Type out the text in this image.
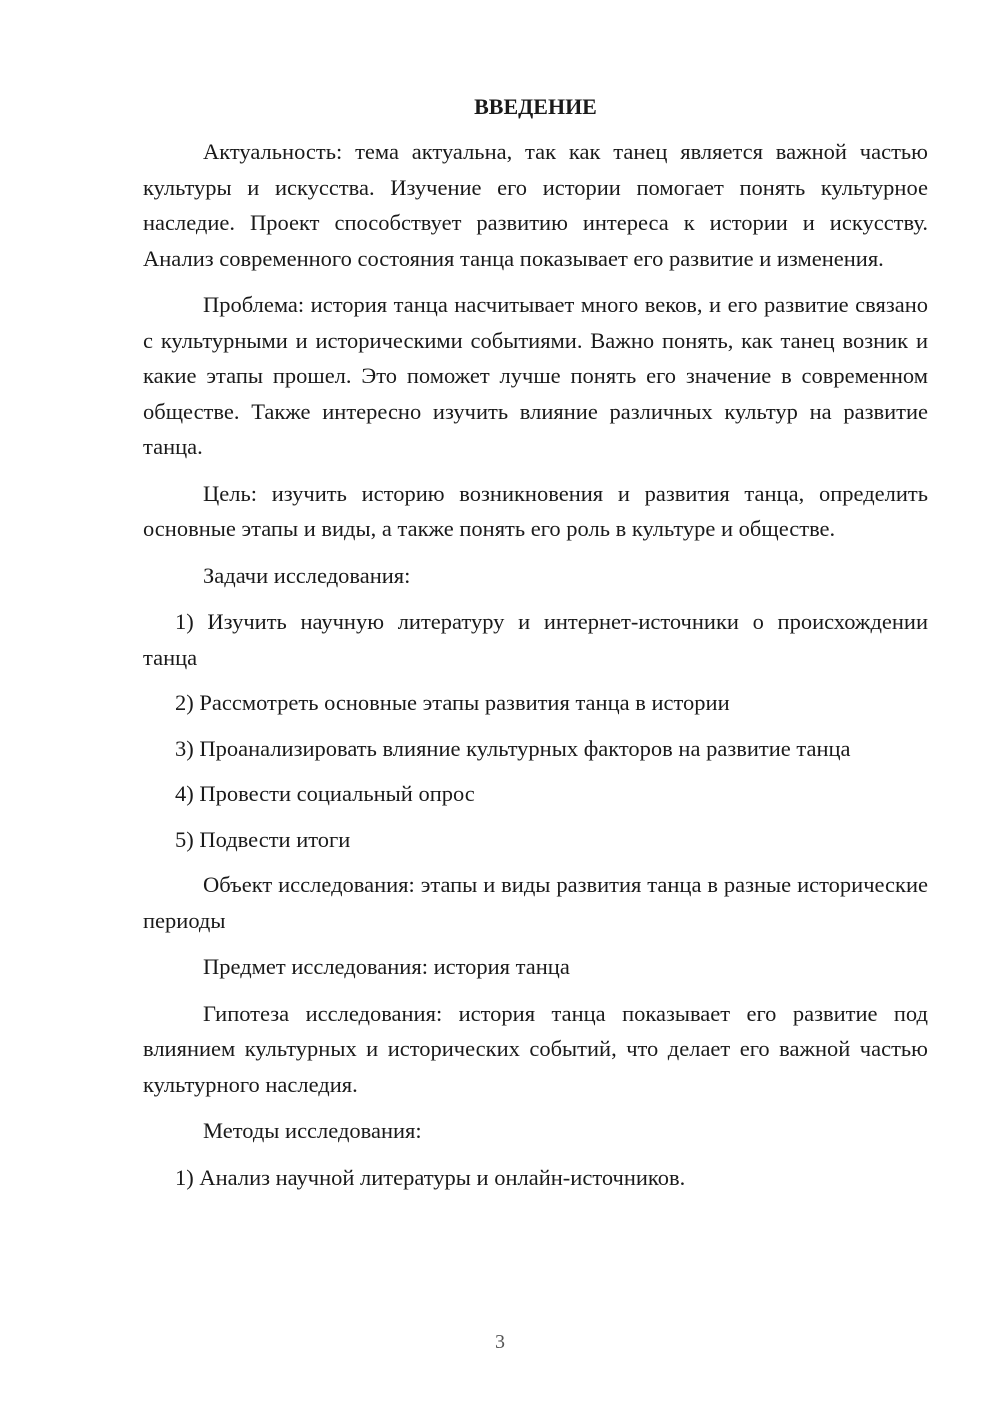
ВВЕДЕНИЕ

Актуальность: тема актуальна, так как танец является важной частью культуры и искусства. Изучение его истории помогает понять культурное наследие. Проект способствует развитию интереса к истории и искусству. Анализ современного состояния танца показывает его развитие и изменения.

Проблема: история танца насчитывает много веков, и его развитие связано с культурными и историческими событиями. Важно понять, как танец возник и какие этапы прошел. Это поможет лучше понять его значение в современном обществе. Также интересно изучить влияние различных культур на развитие танца.

Цель: изучить историю возникновения и развития танца, определить основные этапы и виды, а также понять его роль в культуре и обществе.

Задачи исследования:

1) Изучить научную литературу и интернет-источники о происхождении танца

2) Рассмотреть основные этапы развития танца в истории

3) Проанализировать влияние культурных факторов на развитие танца

4) Провести социальный опрос

5) Подвести итоги

Объект исследования: этапы и виды развития танца в разные исторические периоды

Предмет исследования: история танца

Гипотеза исследования: история танца показывает его развитие под влиянием культурных и исторических событий, что делает его важной частью культурного наследия.

Методы исследования:

1) Анализ научной литературы и онлайн-источников.

3
